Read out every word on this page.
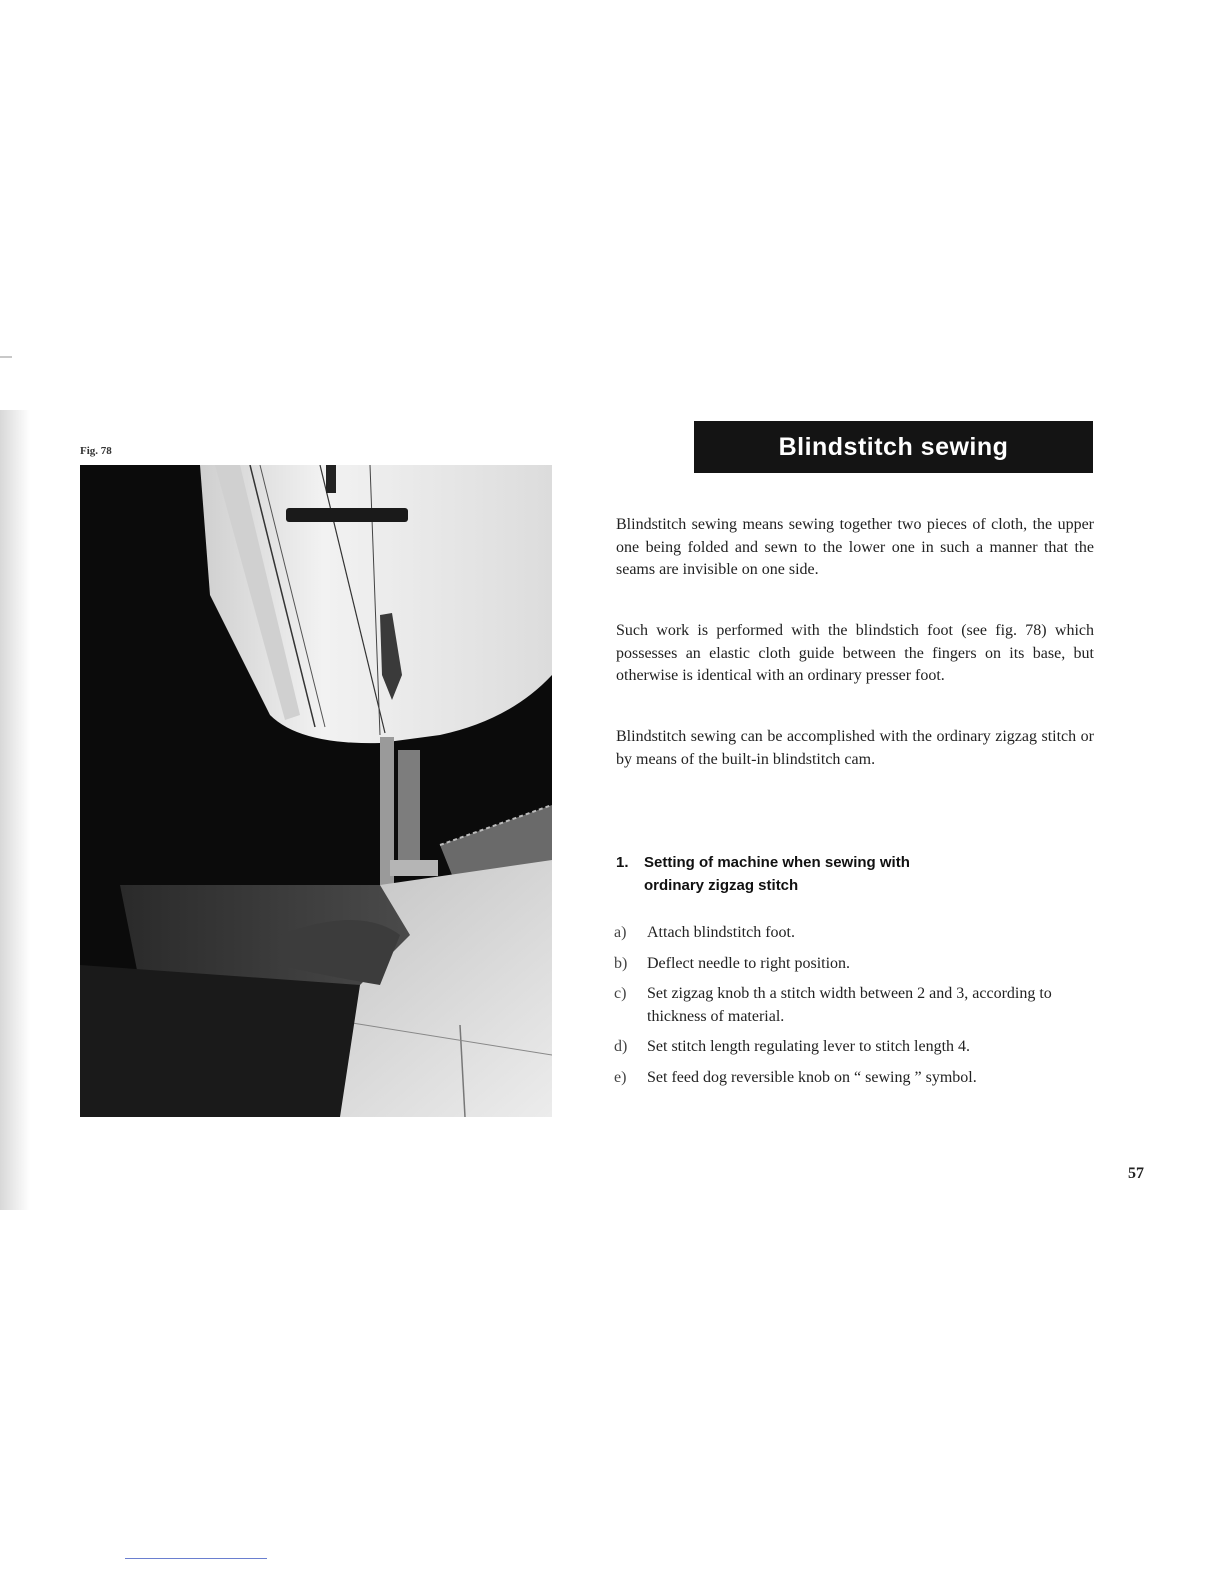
Fig. 78	Blindstitch sewing
Blindstitch sewing means sewing together two pieces of cloth, the upper one being folded and sewn to the lower one in such a manner that the seams are invisible on one side.
Such work is performed with the blindstich foot (see fig. 78) which possesses an elastic cloth guide between the fingers on its base, but otherwise is identical with an ordinary presser foot.
Blindstitch sewing can be accomplished with the ordinary zigzag stitch or by means of the built-in blindstitch cam.
1.	Setting of machine when sewing with
ordinary zigzag stitch
a)	Attach blindstitch foot.
b)	Deflect needle to right position.
c)	Set zigzag knob th a stitch width between 2 and 3, according to thickness of material.
d)	Set stitch length regulating lever to stitch length 4.
e)	Set feed dog reversible knob on “ sewing ” symbol.
57
